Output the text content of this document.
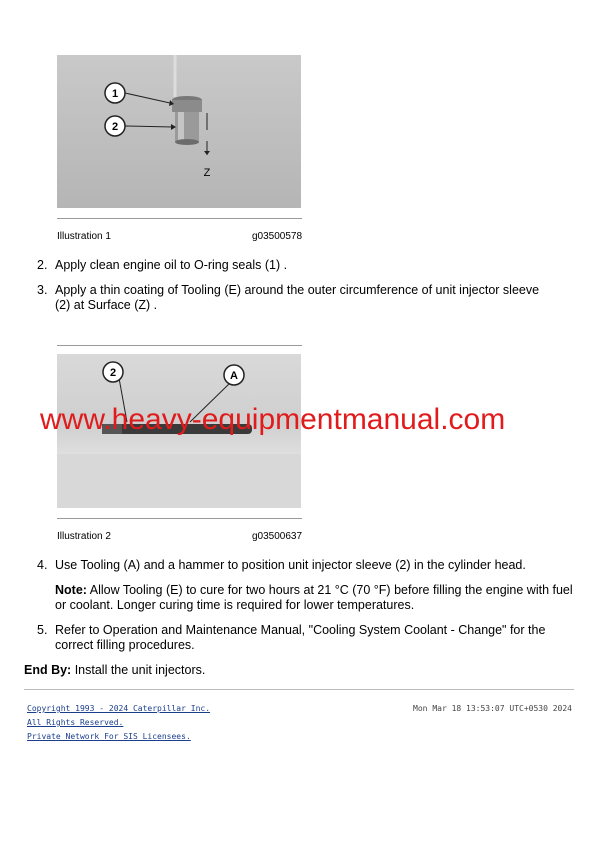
1
2
Z
Illustration 1	g03500578
2. Apply clean engine oil to O-ring seals (1) .
3. Apply a thin coating of Tooling (E) around the outer circumference of unit injector sleeve (2) at Surface (Z) .
2	A
Illustration 2	g03500637
www.heavy-equipmentmanual.com
4. Use Tooling (A) and a hammer to position unit injector sleeve (2) in the cylinder head.
Note: Allow Tooling (E) to cure for two hours at 21 °C (70 °F) before filling the engine with fuel or coolant. Longer curing time is required for lower temperatures.
5. Refer to Operation and Maintenance Manual, "Cooling System Coolant - Change" for the correct filling procedures.
End By: Install the unit injectors.
Copyright 1993 - 2024 Caterpillar Inc.
All Rights Reserved.
Private Network For SIS Licensees.
Mon Mar 18 13:53:07 UTC+0530 2024
